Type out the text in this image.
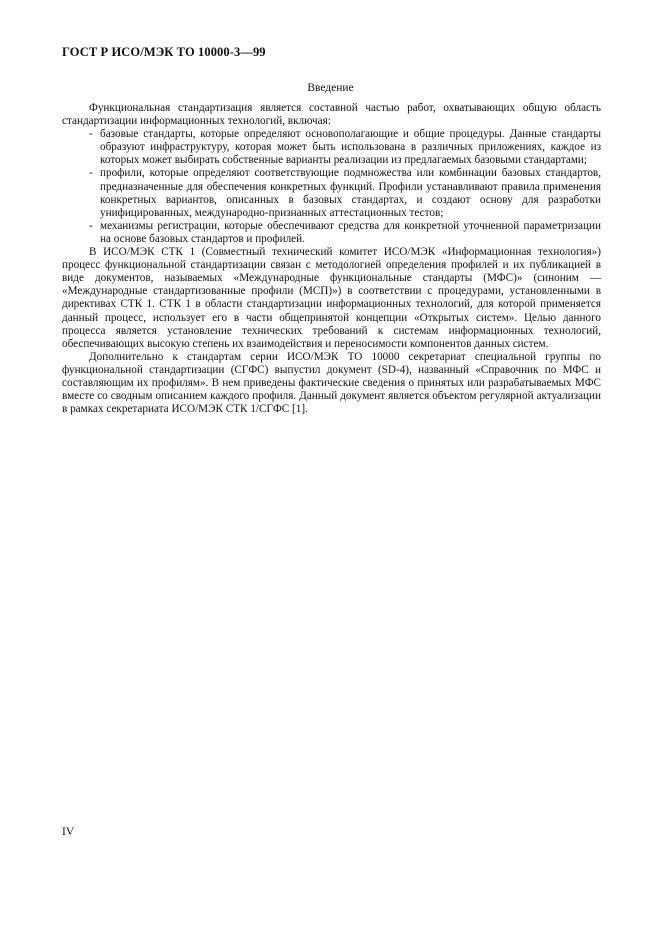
ГОСТ Р ИСО/МЭК ТО 10000-3—99
Введение

Функциональная стандартизация является составной частью работ, охватывающих общую область стандартизации информационных технологий, включая:

- базовые стандарты, которые определяют основополагающие и общие процедуры. Данные стандарты образуют инфраструктуру, которая может быть использована в различных приложениях, каждое из которых может выбирать собственные варианты реализации из предлагаемых базовыми стандартами;
- профили, которые определяют соответствующие подмножества или комбинации базовых стандартов, предназначенные для обеспечения конкретных функций. Профили устанавливают правила применения конкретных вариантов, описанных в базовых стандартах, и создают основу для разработки унифицированных, международно-признанных аттестационных тестов;
- механизмы регистрации, которые обеспечивают средства для конкретной уточненной параметризации на основе базовых стандартов и профилей.

В ИСО/МЭК СТК 1 (Совместный технический комитет ИСО/МЭК «Информационная технология») процесс функциональной стандартизации связан с методологией определения профилей и их публикацией в виде документов, называемых «Международные функциональные стандарты (МФС)» (синоним — «Международные стандартизованные профили (МСП)») в соответствии с процедурами, установленными в директивах СТК 1. СТК 1 в области стандартизации информационных технологий, для которой применяется данный процесс, использует его в части общепринятой концепции «Открытых систем». Целью данного процесса является установление технических требований к системам информационных технологий, обеспечивающих высокую степень их взаимодействия и переносимости компонентов данных систем.

Дополнительно к стандартам серии ИСО/МЭК ТО 10000 секретариат специальной группы по функциональной стандартизации (СГФС) выпустил документ (SD-4), названный «Справочник по МФС и составляющим их профилям». В нем приведены фактические сведения о принятых или разрабатываемых МФС вместе со сводным описанием каждого профиля. Данный документ является объектом регулярной актуализации в рамках секретариата ИСО/МЭК СТК 1/СГФС [1].

IV
